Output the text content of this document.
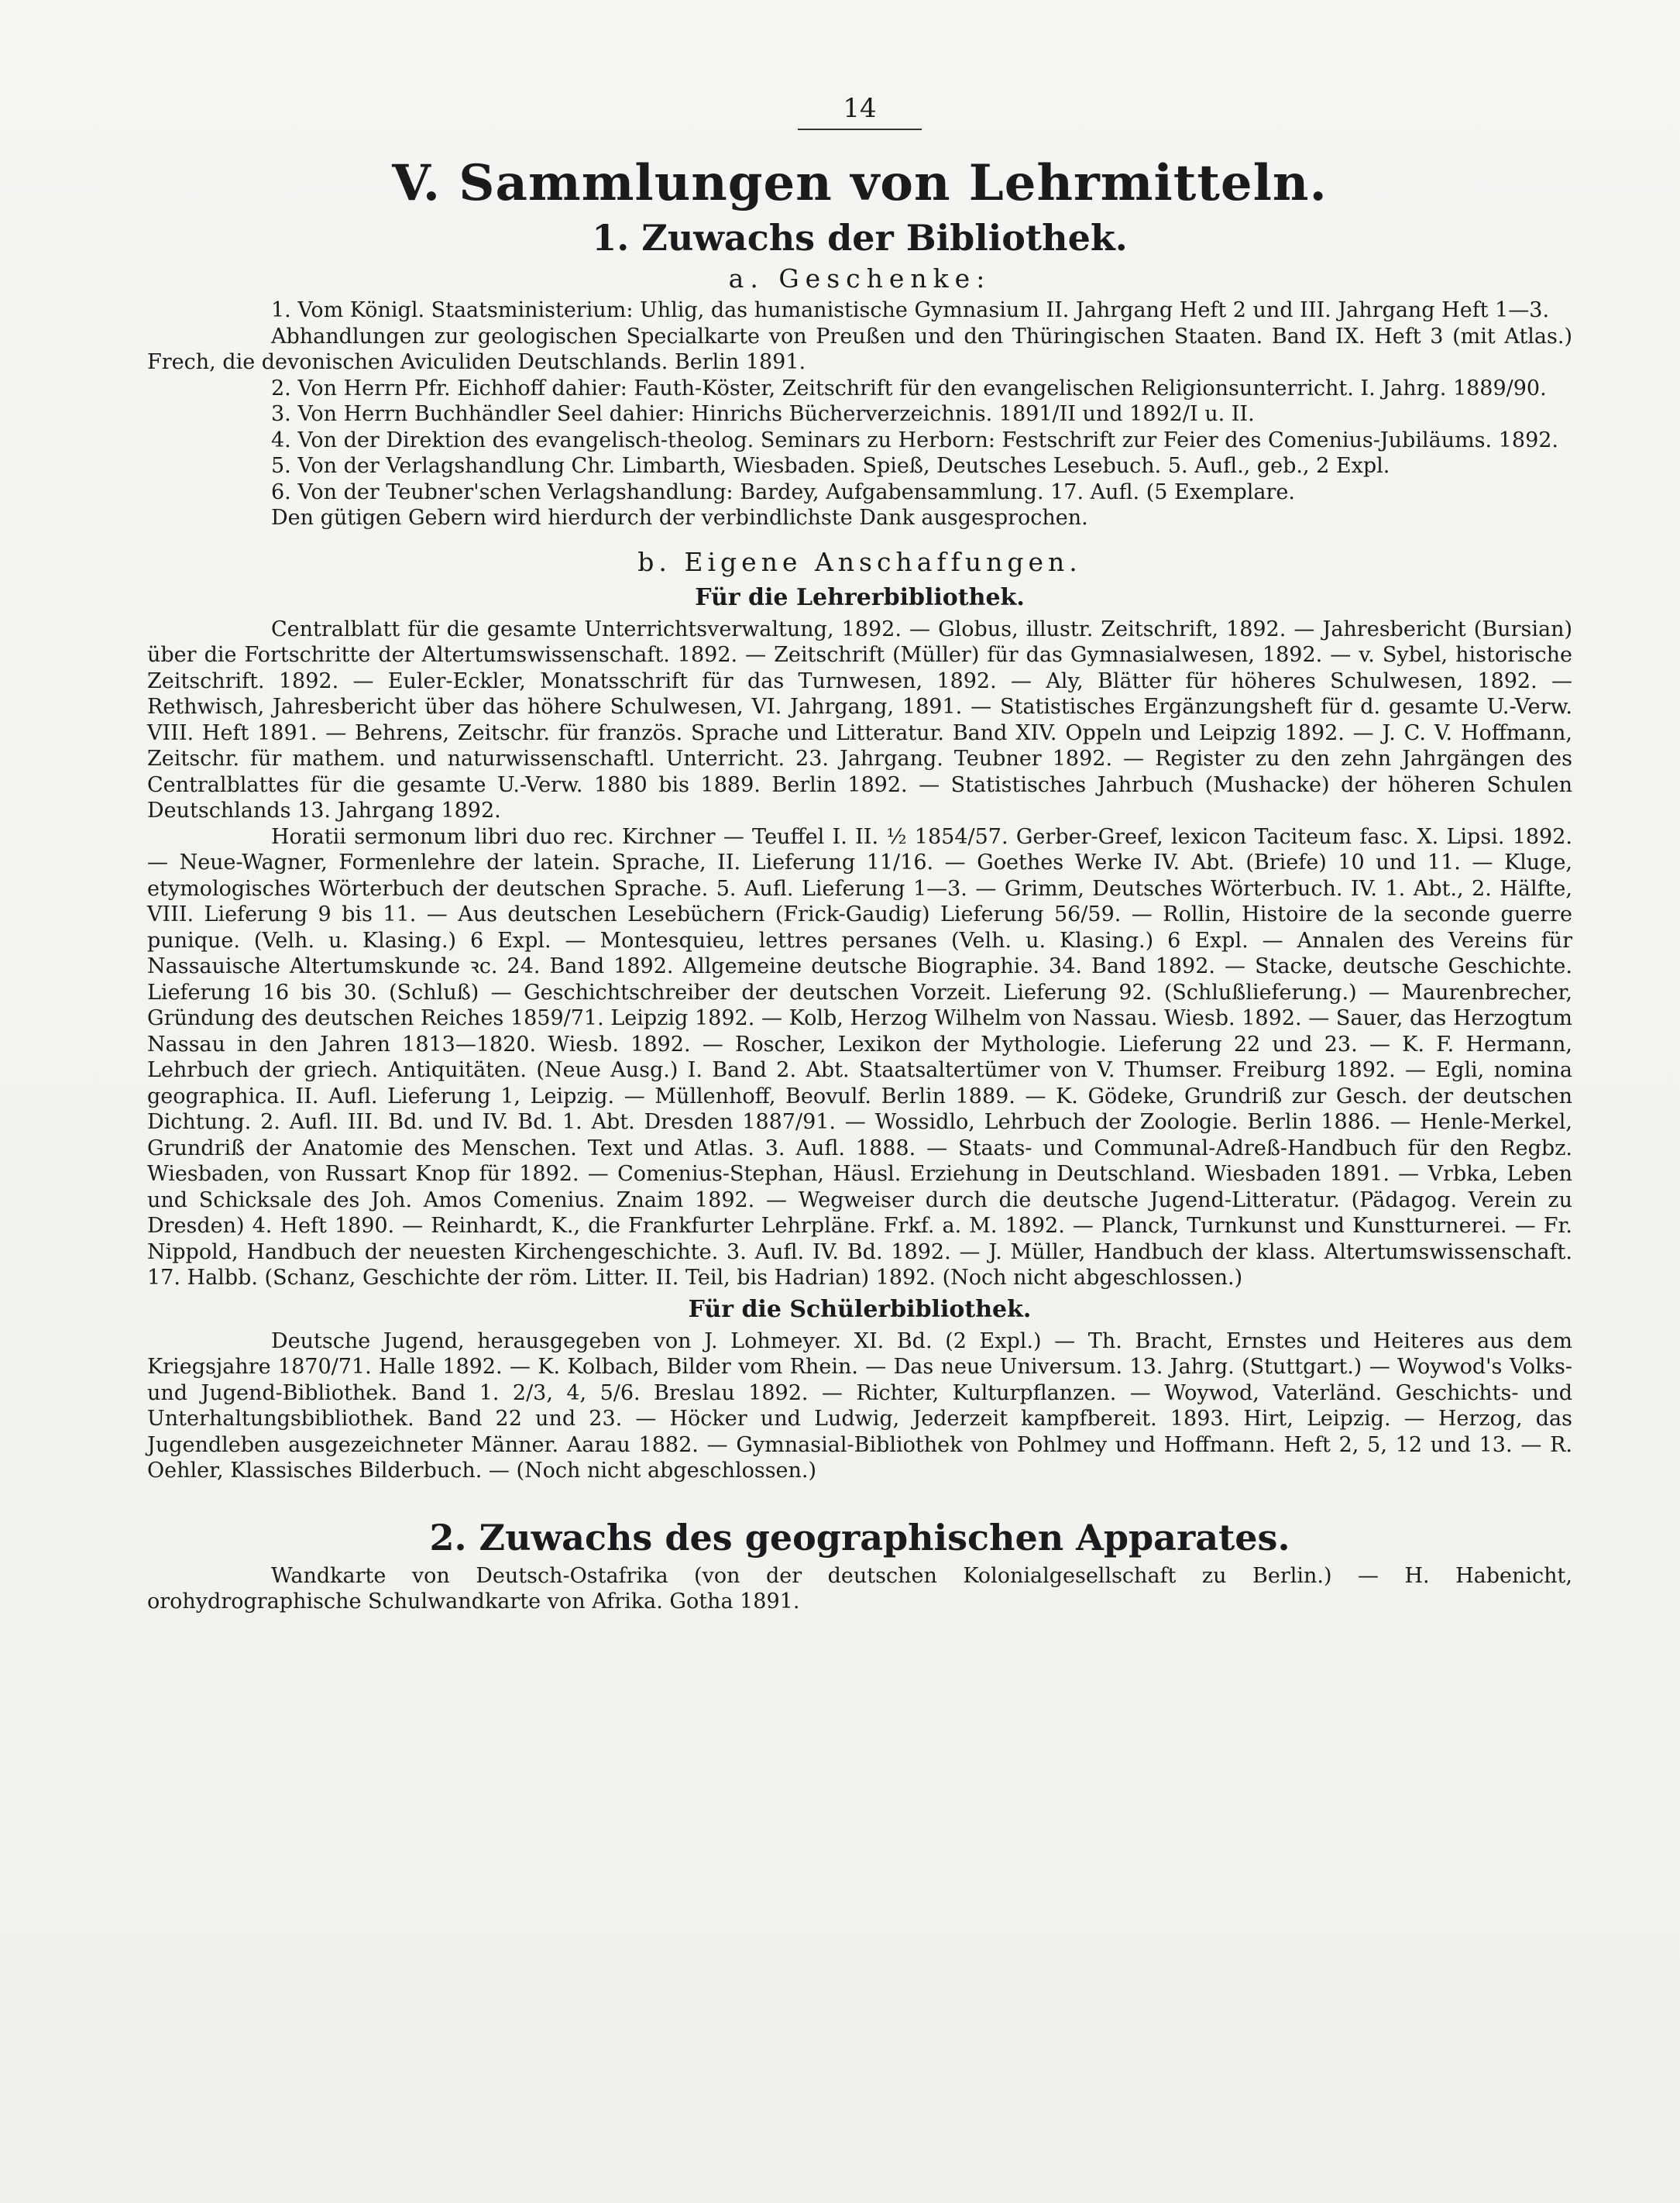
14
V. Sammlungen von Lehrmitteln.
1. Zuwachs der Bibliothek.
a. Geschenke:

1. Vom Königl. Staatsministerium: Uhlig, das humanistische Gymnasium II. Jahrgang Heft 2 und III. Jahrgang Heft 1—3.

Abhandlungen zur geologischen Specialkarte von Preußen und den Thüringischen Staaten. Band IX. Heft 3 (mit Atlas.) Frech, die devonischen Aviculiden Deutschlands. Berlin 1891.

2. Von Herrn Pfr. Eichhoff dahier: Fauth-Köster, Zeitschrift für den evangelischen Religionsunterricht. I. Jahrg. 1889/90.

3. Von Herrn Buchhändler Seel dahier: Hinrichs Bücherverzeichnis. 1891/II und 1892/I u. II.

4. Von der Direktion des evangelisch-theolog. Seminars zu Herborn: Festschrift zur Feier des Comenius-Jubiläums. 1892.

5. Von der Verlagshandlung Chr. Limbarth, Wiesbaden. Spieß, Deutsches Lesebuch. 5. Aufl., geb., 2 Expl.

6. Von der Teubner'schen Verlagshandlung: Bardey, Aufgabensammlung. 17. Aufl. (5 Exemplare.

Den gütigen Gebern wird hierdurch der verbindlichste Dank ausgesprochen.

b. Eigene Anschaffungen.
Für die Lehrerbibliothek.

Centralblatt für die gesamte Unterrichtsverwaltung, 1892. — Globus, illustr. Zeitschrift, 1892. — Jahresbericht (Bursian) über die Fortschritte der Altertumswissenschaft. 1892. — Zeitschrift (Müller) für das Gymnasialwesen, 1892. — v. Sybel, historische Zeitschrift. 1892. — Euler-Eckler, Monatsschrift für das Turnwesen, 1892. — Aly, Blätter für höheres Schulwesen, 1892. — Rethwisch, Jahresbericht über das höhere Schulwesen, VI. Jahrgang, 1891. — Statistisches Ergänzungsheft für d. gesamte U.-Verw. VIII. Heft 1891. — Behrens, Zeitschr. für französ. Sprache und Litteratur. Band XIV. Oppeln und Leipzig 1892. — J. C. V. Hoffmann, Zeitschr. für mathem. und naturwissenschaftl. Unterricht. 23. Jahrgang. Teubner 1892. — Register zu den zehn Jahrgängen des Centralblattes für die gesamte U.-Verw. 1880 bis 1889. Berlin 1892. — Statistisches Jahrbuch (Mushacke) der höheren Schulen Deutschlands 13. Jahrgang 1892.

Horatii sermonum libri duo rec. Kirchner — Teuffel I. II. ½ 1854/57. Gerber-Greef, lexicon Taciteum fasc. X. Lipsi. 1892. — Neue-Wagner, Formenlehre der latein. Sprache, II. Lieferung 11/16. — Goethes Werke IV. Abt. (Briefe) 10 und 11. — Kluge, etymologisches Wörterbuch der deutschen Sprache. 5. Aufl. Lieferung 1—3. — Grimm, Deutsches Wörterbuch. IV. 1. Abt., 2. Hälfte, VIII. Lieferung 9 bis 11. — Aus deutschen Lesebüchern (Frick-Gaudig) Lieferung 56/59. — Rollin, Histoire de la seconde guerre punique. (Velh. u. Klasing.) 6 Expl. — Montesquieu, lettres persanes (Velh. u. Klasing.) 6 Expl. — Annalen des Vereins für Nassauische Altertumskunde ꝛc. 24. Band 1892. Allgemeine deutsche Biographie. 34. Band 1892. — Stacke, deutsche Geschichte. Lieferung 16 bis 30. (Schluß) — Geschichtschreiber der deutschen Vorzeit. Lieferung 92. (Schlußlieferung.) — Maurenbrecher, Gründung des deutschen Reiches 1859/71. Leipzig 1892. — Kolb, Herzog Wilhelm von Nassau. Wiesb. 1892. — Sauer, das Herzogtum Nassau in den Jahren 1813—1820. Wiesb. 1892. — Roscher, Lexikon der Mythologie. Lieferung 22 und 23. — K. F. Hermann, Lehrbuch der griech. Antiquitäten. (Neue Ausg.) I. Band 2. Abt. Staatsaltertümer von V. Thumser. Freiburg 1892. — Egli, nomina geographica. II. Aufl. Lieferung 1, Leipzig. — Müllenhoff, Beovulf. Berlin 1889. — K. Gödeke, Grundriß zur Gesch. der deutschen Dichtung. 2. Aufl. III. Bd. und IV. Bd. 1. Abt. Dresden 1887/91. — Wossidlo, Lehrbuch der Zoologie. Berlin 1886. — Henle-Merkel, Grundriß der Anatomie des Menschen. Text und Atlas. 3. Aufl. 1888. — Staats- und Communal-Adreß-Handbuch für den Regbz. Wiesbaden, von Russart Knop für 1892. — Comenius-Stephan, Häusl. Erziehung in Deutschland. Wiesbaden 1891. — Vrbka, Leben und Schicksale des Joh. Amos Comenius. Znaim 1892. — Wegweiser durch die deutsche Jugend-Litteratur. (Pädagog. Verein zu Dresden) 4. Heft 1890. — Reinhardt, K., die Frankfurter Lehrpläne. Frkf. a. M. 1892. — Planck, Turnkunst und Kunstturnerei. — Fr. Nippold, Handbuch der neuesten Kirchengeschichte. 3. Aufl. IV. Bd. 1892. — J. Müller, Handbuch der klass. Altertumswissenschaft. 17. Halbb. (Schanz, Geschichte der röm. Litter. II. Teil, bis Hadrian) 1892. (Noch nicht abgeschlossen.)

Für die Schülerbibliothek.

Deutsche Jugend, herausgegeben von J. Lohmeyer. XI. Bd. (2 Expl.) — Th. Bracht, Ernstes und Heiteres aus dem Kriegsjahre 1870/71. Halle 1892. — K. Kolbach, Bilder vom Rhein. — Das neue Universum. 13. Jahrg. (Stuttgart.) — Woywod's Volks- und Jugend-Bibliothek. Band 1. 2/3, 4, 5/6. Breslau 1892. — Richter, Kulturpflanzen. — Woywod, Vaterländ. Geschichts- und Unterhaltungsbibliothek. Band 22 und 23. — Höcker und Ludwig, Jederzeit kampfbereit. 1893. Hirt, Leipzig. — Herzog, das Jugendleben ausgezeichneter Männer. Aarau 1882. — Gymnasial-Bibliothek von Pohlmey und Hoffmann. Heft 2, 5, 12 und 13. — R. Oehler, Klassisches Bilderbuch. — (Noch nicht abgeschlossen.)

2. Zuwachs des geographischen Apparates.

Wandkarte von Deutsch-Ostafrika (von der deutschen Kolonialgesellschaft zu Berlin.) — H. Habenicht, orohydrographische Schulwandkarte von Afrika. Gotha 1891.
